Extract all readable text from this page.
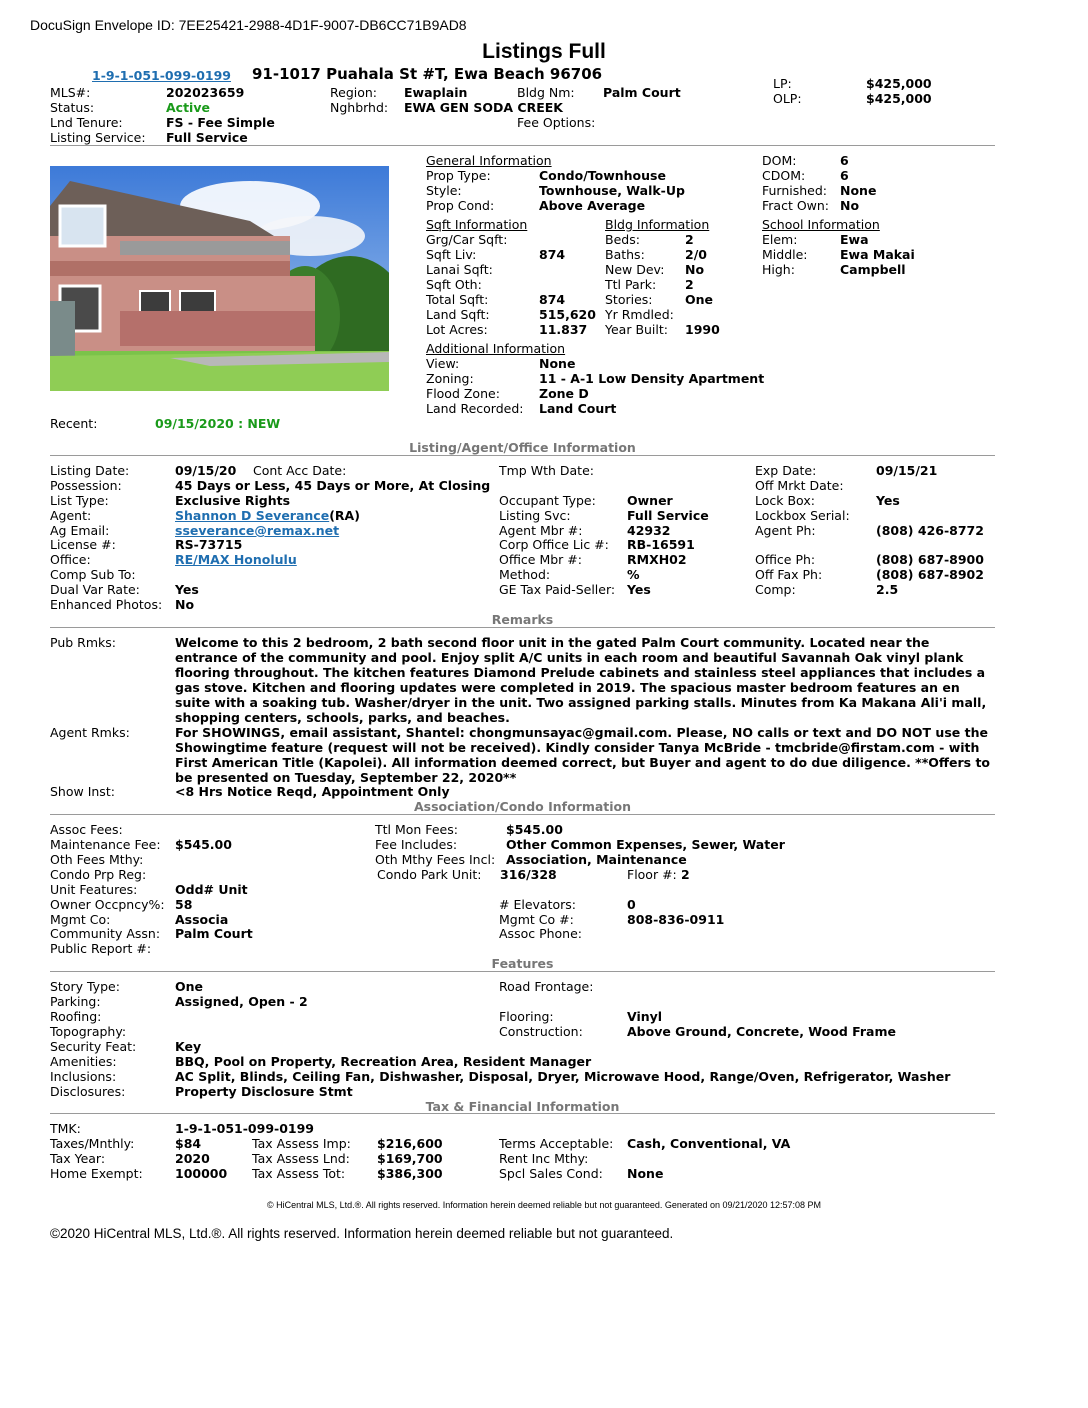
DocuSign Envelope ID: 7EE25421-2988-4D1F-9007-DB6CC71B9AD8
Listings Full
1-9-1-051-099-0199 91-1017 Puahala St #T, Ewa Beach 96706
MLS#:	202023659	Region: Ewaplain	Bldg Nm: Palm Court
Status:	Active	Nghbrhd: EWA GEN SODA CREEK
Lnd Tenure:	FS - Fee Simple	Fee Options:
Listing Service: Full Service
LP:	$425,000
OLP:	$425,000
General Information
Prop Type:	Condo/Townhouse
Style:	Townhouse, Walk-Up
Prop Cond:	Above Average
DOM:	6
CDOM:	6
Furnished: None
Fract Own: No
Sqft Information
Grg/Car Sqft:
Sqft Liv:	874
Lanai Sqft:
Sqft Oth:
Total Sqft:	874
Land Sqft:	515,620
Lot Acres:	11.837
Bldg Information
Beds:	2
Baths:	2/0
New Dev: No
Ttl Park: 2
Stories:	One
Yr Rmdled:
Year Built: 1990
School Information
Elem:	Ewa
Middle:	Ewa Makai
High:	Campbell
Additional Information
View:	None
Zoning:	11 - A-1 Low Density Apartment
Flood Zone:	Zone D
Land Recorded: Land Court
Recent:	09/15/2020 : NEW
Listing/Agent/Office Information
Listing Date:	09/15/20 Cont Acc Date:	Tmp Wth Date:	Exp Date:	09/15/21
Possession:	45 Days or Less, 45 Days or More, At Closing	Off Mrkt Date:
List Type:	Exclusive Rights	Occupant Type: Owner	Lock Box:	Yes
Agent:	Shannon D Severance(RA)	Listing Svc:	Full Service	Lockbox Serial:
Ag Email:	sseverance@remax.net	Agent Mbr #:	42932	Agent Ph:	(808) 426-8772
License #:	RS-73715	Corp Office Lic #: RB-16591
Office:	RE/MAX Honolulu	Office Mbr #:	RMXH02	Office Ph:	(808) 687-8900
Comp Sub To:	Method:	%	Off Fax Ph:	(808) 687-8902
Dual Var Rate:	Yes	GE Tax Paid-Seller: Yes	Comp:	2.5
Enhanced Photos: No
Remarks
Pub Rmks:	Welcome to this 2 bedroom, 2 bath second floor unit in the gated Palm Court community. Located near the entrance of the community and pool. Enjoy split A/C units in each room and beautiful Savannah Oak vinyl plank flooring throughout. The kitchen features Diamond Prelude cabinets and stainless steel appliances that includes a gas stove. Kitchen and flooring updates were completed in 2019. The spacious master bedroom features an en suite with a soaking tub. Washer/dryer in the unit. Two assigned parking stalls. Minutes from Ka Makana Ali'i mall, shopping centers, schools, parks, and beaches.
Agent Rmks:	For SHOWINGS, email assistant, Shantel: chongmunsayac@gmail.com. Please, NO calls or text and DO NOT use the Showingtime feature (request will not be received). Kindly consider Tanya McBride - tmcbride@firstam.com - with First American Title (Kapolei). All information deemed correct, but Buyer and agent to do due diligence. **Offers to be presented on Tuesday, September 22, 2020**
Show Inst:	<8 Hrs Notice Reqd, Appointment Only
Association/Condo Information
Assoc Fees:	Ttl Mon Fees:	$545.00
Maintenance Fee: $545.00	Fee Includes:	Other Common Expenses, Sewer, Water
Oth Fees Mthy:	Oth Mthy Fees Incl: Association, Maintenance
Condo Prp Reg:	Condo Park Unit: 316/328	Floor #: 2
Unit Features:	Odd# Unit
Owner Occpncy%: 58	# Elevators:	0
Mgmt Co:	Associa	Mgmt Co #:	808-836-0911
Community Assn: Palm Court	Assoc Phone:
Public Report #:
Features
Story Type:	One	Road Frontage:
Parking:	Assigned, Open - 2
Roofing:	Flooring:	Vinyl
Topography:	Construction:	Above Ground, Concrete, Wood Frame
Security Feat:	Key
Amenities:	BBQ, Pool on Property, Recreation Area, Resident Manager
Inclusions:	AC Split, Blinds, Ceiling Fan, Dishwasher, Disposal, Dryer, Microwave Hood, Range/Oven, Refrigerator, Washer
Disclosures:	Property Disclosure Stmt
Tax & Financial Information
TMK:	1-9-1-051-099-0199
Taxes/Mnthly:	$84	Tax Assess Imp: $216,600	Terms Acceptable: Cash, Conventional, VA
Tax Year:	2020	Tax Assess Lnd: $169,700	Rent Inc Mthy:
Home Exempt:	100000 Tax Assess Tot:	$386,300	Spcl Sales Cond: None
© HiCentral MLS, Ltd.®. All rights reserved. Information herein deemed reliable but not guaranteed. Generated on 09/21/2020 12:57:08 PM
©2020 HiCentral MLS, Ltd.®. All rights reserved. Information herein deemed reliable but not guaranteed.
